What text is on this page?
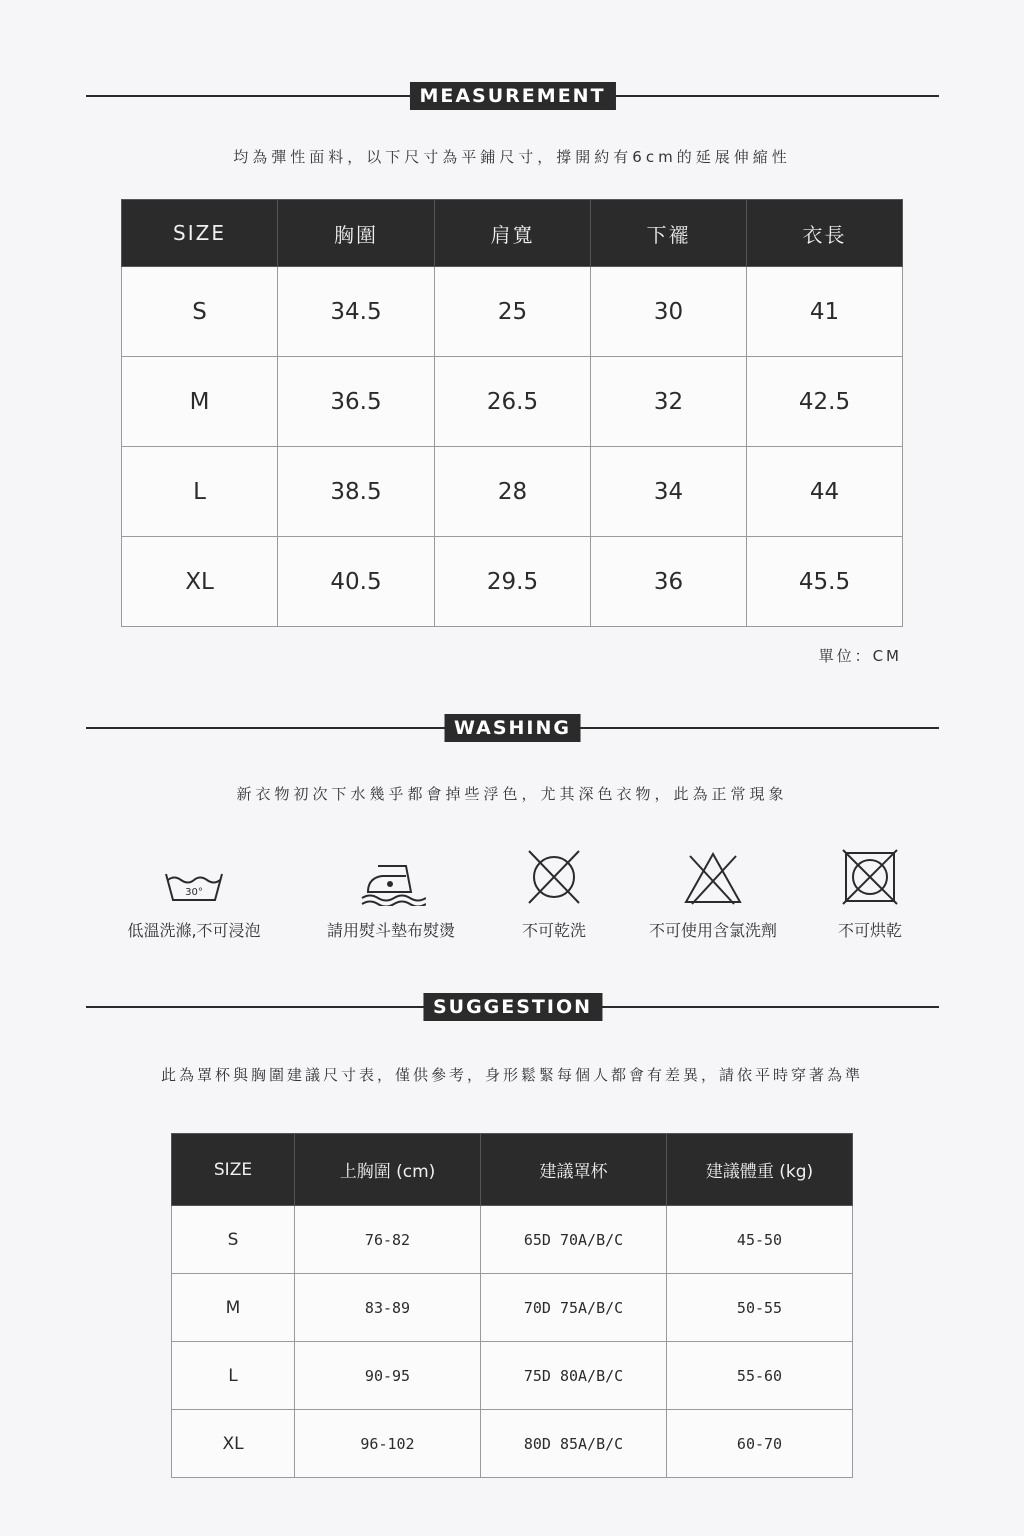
MEASUREMENT
均為彈性面料，以下尺寸為平鋪尺寸，撐開約有6cm的延展伸縮性
SIZE	胸圍	肩寬	下襬	衣長
S	34.5	25	30	41
M	36.5	26.5	32	42.5
L	38.5	28	34	44
XL	40.5	29.5	36	45.5
單位：CM
WASHING
新衣物初次下水幾乎都會掉些浮色，尤其深色衣物，此為正常現象
30°
低溫洗滌,不可浸泡	請用熨斗墊布熨燙	不可乾洗	不可使用含氯洗劑	不可烘乾
SUGGESTION
此為罩杯與胸圍建議尺寸表，僅供參考，身形鬆緊每個人都會有差異，請依平時穿著為準
SIZE	上胸圍 (cm)	建議罩杯	建議體重 (kg)
S	76-82	65D 70A/B/C	45-50
M	83-89	70D 75A/B/C	50-55
L	90-95	75D 80A/B/C	55-60
XL	96-102	80D 85A/B/C	60-70
